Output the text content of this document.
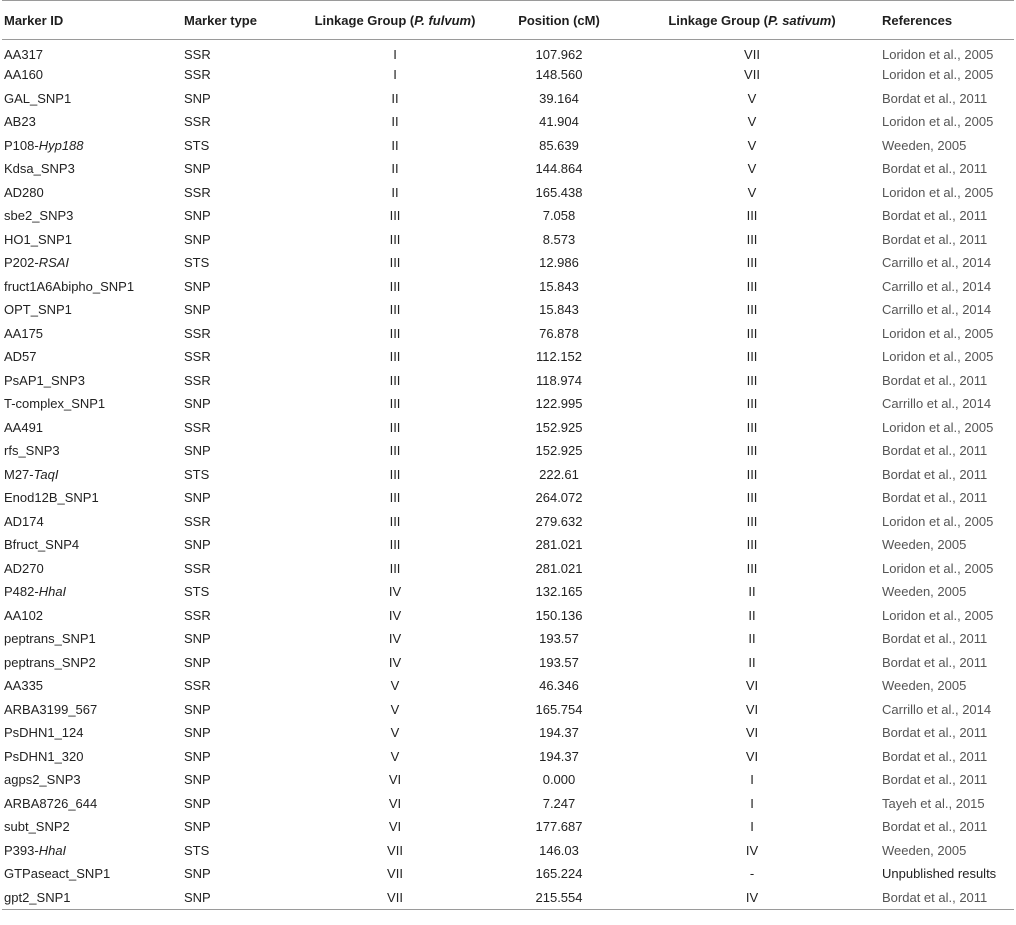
Marker ID	Marker type	Linkage Group (P. fulvum)	Position (cM)	Linkage Group (P. sativum)	References
AA317	SSR	I	107.962	VII	Loridon et al., 2005
AA160	SSR	I	148.560	VII	Loridon et al., 2005
GAL_SNP1	SNP	II	39.164	V	Bordat et al., 2011
AB23	SSR	II	41.904	V	Loridon et al., 2005
P108-Hyp188	STS	II	85.639	V	Weeden, 2005
Kdsa_SNP3	SNP	II	144.864	V	Bordat et al., 2011
AD280	SSR	II	165.438	V	Loridon et al., 2005
sbe2_SNP3	SNP	III	7.058	III	Bordat et al., 2011
HO1_SNP1	SNP	III	8.573	III	Bordat et al., 2011
P202-RSAI	STS	III	12.986	III	Carrillo et al., 2014
fruct1A6Abipho_SNP1	SNP	III	15.843	III	Carrillo et al., 2014
OPT_SNP1	SNP	III	15.843	III	Carrillo et al., 2014
AA175	SSR	III	76.878	III	Loridon et al., 2005
AD57	SSR	III	112.152	III	Loridon et al., 2005
PsAP1_SNP3	SSR	III	118.974	III	Bordat et al., 2011
T-complex_SNP1	SNP	III	122.995	III	Carrillo et al., 2014
AA491	SSR	III	152.925	III	Loridon et al., 2005
rfs_SNP3	SNP	III	152.925	III	Bordat et al., 2011
M27-TaqI	STS	III	222.61	III	Bordat et al., 2011
Enod12B_SNP1	SNP	III	264.072	III	Bordat et al., 2011
AD174	SSR	III	279.632	III	Loridon et al., 2005
Bfruct_SNP4	SNP	III	281.021	III	Weeden, 2005
AD270	SSR	III	281.021	III	Loridon et al., 2005
P482-HhaI	STS	IV	132.165	II	Weeden, 2005
AA102	SSR	IV	150.136	II	Loridon et al., 2005
peptrans_SNP1	SNP	IV	193.57	II	Bordat et al., 2011
peptrans_SNP2	SNP	IV	193.57	II	Bordat et al., 2011
AA335	SSR	V	46.346	VI	Weeden, 2005
ARBA3199_567	SNP	V	165.754	VI	Carrillo et al., 2014
PsDHN1_124	SNP	V	194.37	VI	Bordat et al., 2011
PsDHN1_320	SNP	V	194.37	VI	Bordat et al., 2011
agps2_SNP3	SNP	VI	0.000	I	Bordat et al., 2011
ARBA8726_644	SNP	VI	7.247	I	Tayeh et al., 2015
subt_SNP2	SNP	VI	177.687	I	Bordat et al., 2011
P393-HhaI	STS	VII	146.03	IV	Weeden, 2005
GTPaseact_SNP1	SNP	VII	165.224	-	Unpublished results
gpt2_SNP1	SNP	VII	215.554	IV	Bordat et al., 2011
